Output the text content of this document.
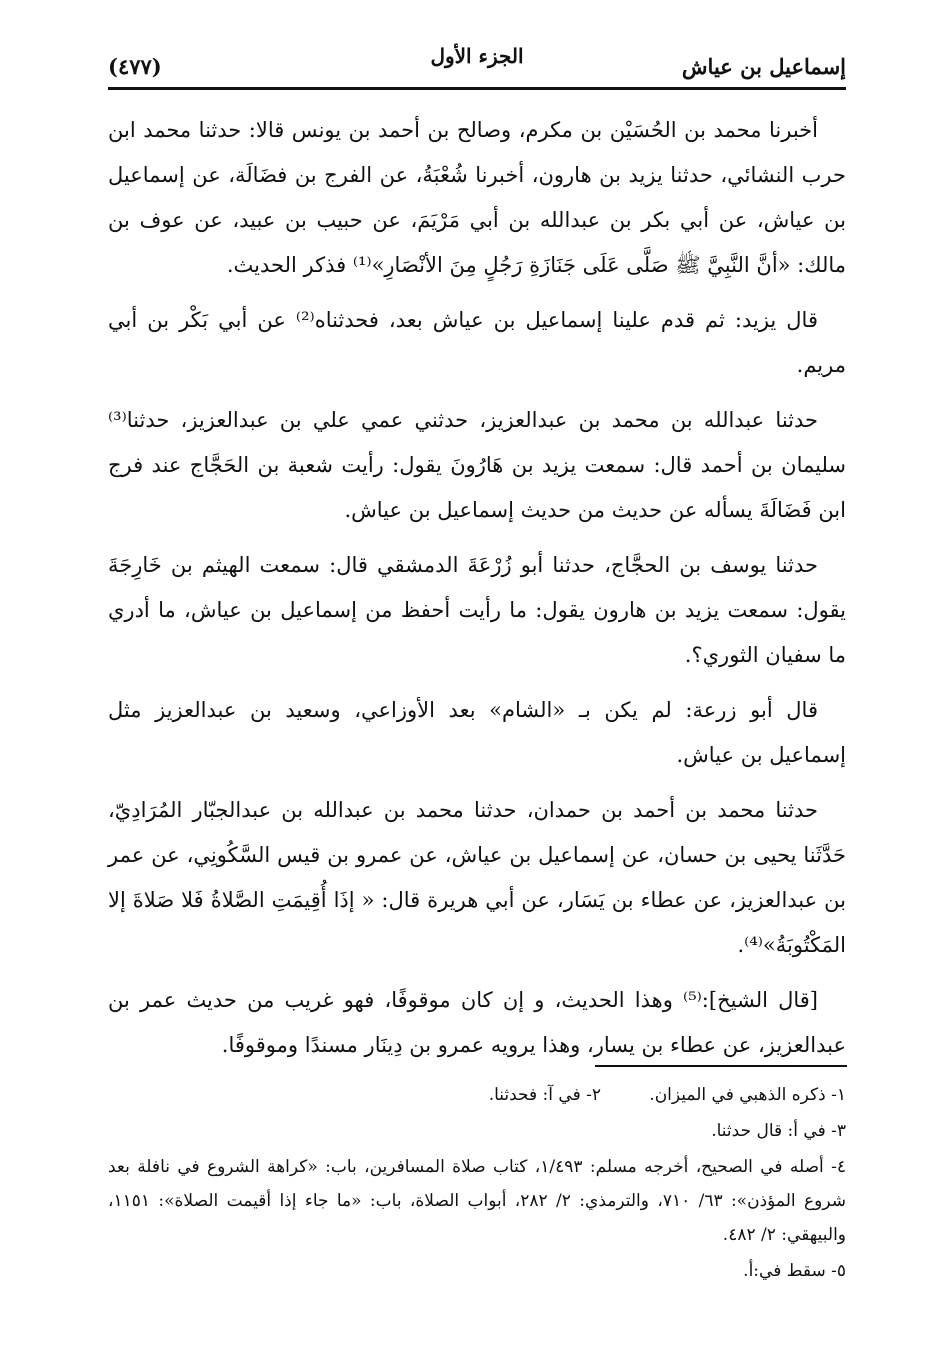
إسماعيل بن عياش
الجزء الأول
(٤٧٧)

أخبرنا محمد بن الحُسَيْن بن مكرم، وصالح بن أحمد بن يونس قالا: حدثنا محمد ابن حرب النشائي، حدثنا يزيد بن هارون، أخبرنا شُعْبَةُ، عن الفرج بن فضَالَة، عن إسماعيل بن عياش، عن أبي بكر بن عبدالله بن أبي مَرْيَمَ، عن حبيب بن عبيد، عن عوف بن مالك: «أنَّ النَّبِيَّ ﷺ صَلَّى عَلَى جَنَازَةِ رَجُلٍ مِنَ الأنْصَارِ»⁽¹⁾ فذكر الحديث.

قال يزيد: ثم قدم علينا إسماعيل بن عياش بعد، فحدثناه⁽²⁾ عن أبي بَكْر بن أبي مريم.

حدثنا عبدالله بن محمد بن عبدالعزيز، حدثني عمي علي بن عبدالعزيز، حدثنا⁽³⁾ سليمان بن أحمد قال: سمعت يزيد بن هَارُونَ يقول: رأيت شعبة بن الحَجَّاج عند فرج ابن فَضَالَةَ يسأله عن حديث من حديث إسماعيل بن عياش.

حدثنا يوسف بن الحجَّاج، حدثنا أبو زُرْعَةَ الدمشقي قال: سمعت الهيثم بن خَارِجَةَ يقول: سمعت يزيد بن هارون يقول: ما رأيت أحفظ من إسماعيل بن عياش، ما أدري ما سفيان الثوري؟.

قال أبو زرعة: لم يكن بـ «الشام» بعد الأوزاعي، وسعيد بن عبدالعزيز مثل إسماعيل بن عياش.

حدثنا محمد بن أحمد بن حمدان، حدثنا محمد بن عبدالله بن عبدالجبّار المُرَادِيّ، حَدَّثَنا يحيى بن حسان، عن إسماعيل بن عياش، عن عمرو بن قيس السَّكُونِي، عن عمر بن عبدالعزيز، عن عطاء بن يَسَار، عن أبي هريرة قال: « إذَا أُقِيمَتِ الصَّلاةُ فَلا صَلاةَ إلا المَكْتُوبَةُ»⁽⁴⁾.

[قال الشيخ]:⁽⁵⁾ وهذا الحديث، و إن كان موقوفًا، فهو غريب من حديث عمر بن عبدالعزيز، عن عطاء بن يسار، وهذا يرويه عمرو بن دِينَار مسندًا وموقوفًا.

١- ذكره الذهبي في الميزان.
٢- في آ: فحدثنا.
٣- في أ: قال حدثنا.
٤- أصله في الصحيح، أخرجه مسلم: ١/٤٩٣، كتاب صلاة المسافرين، باب: «كراهة الشروع في نافلة بعد شروع المؤذن»: ٦٣/ ٧١٠، والترمذي: ٢/ ٢٨٢، أبواب الصلاة، باب: «ما جاء إذا أقيمت الصلاة»: ١١٥١، والبيهقي: ٢/ ٤٨٢.
٥- سقط في:أ.
